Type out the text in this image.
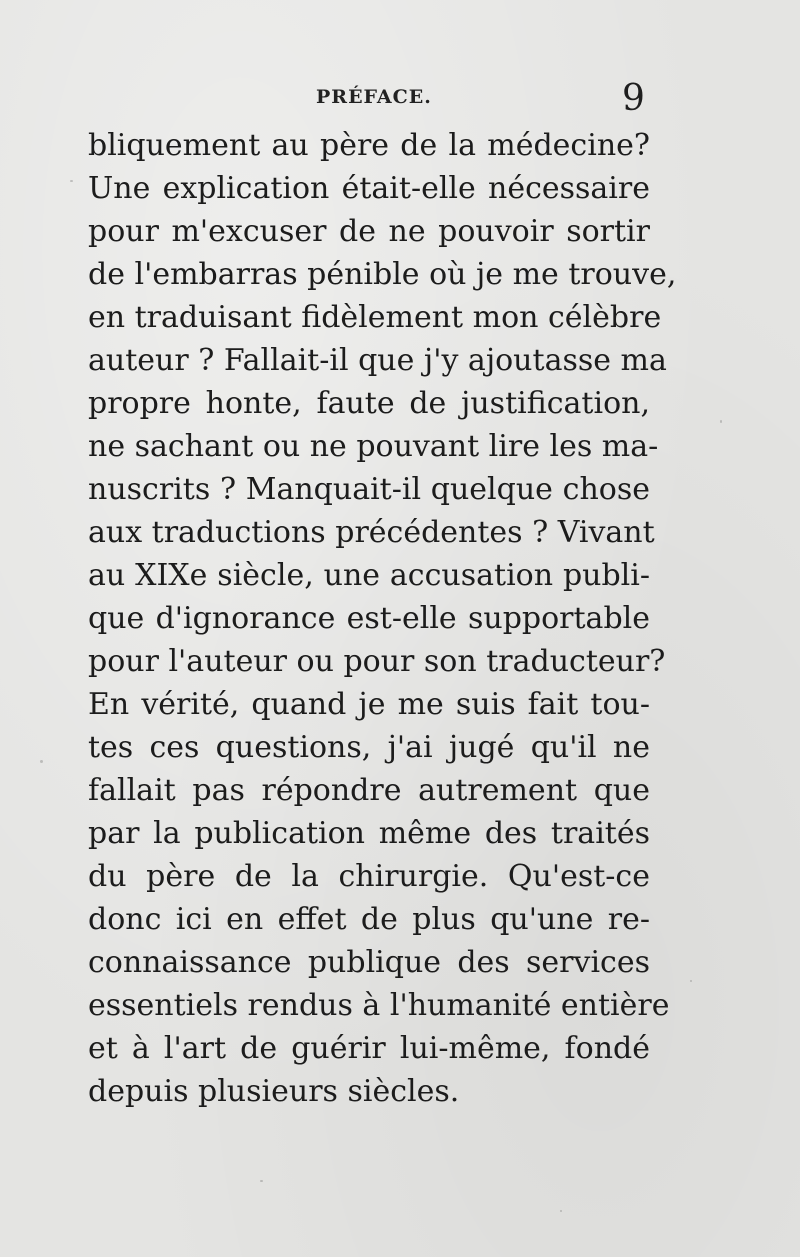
PRÉFACE.	9
bliquement au père de la médecine?
Une explication était-elle nécessaire
pour m'excuser de ne pouvoir sortir
de l'embarras pénible où je me trouve,
en traduisant fidèlement mon célèbre
auteur ? Fallait-il que j'y ajoutasse ma
propre honte, faute de justification,
ne sachant ou ne pouvant lire les ma-
nuscrits ? Manquait-il quelque chose
aux traductions précédentes ? Vivant
au XIXe siècle, une accusation publi-
que d'ignorance est-elle supportable
pour l'auteur ou pour son traducteur?
En vérité, quand je me suis fait tou-
tes ces questions, j'ai jugé qu'il ne
fallait pas répondre autrement que
par la publication même des traités
du père de la chirurgie. Qu'est-ce
donc ici en effet de plus qu'une re-
connaissance publique des services
essentiels rendus à l'humanité entière
et à l'art de guérir lui-même, fondé
depuis plusieurs siècles.
